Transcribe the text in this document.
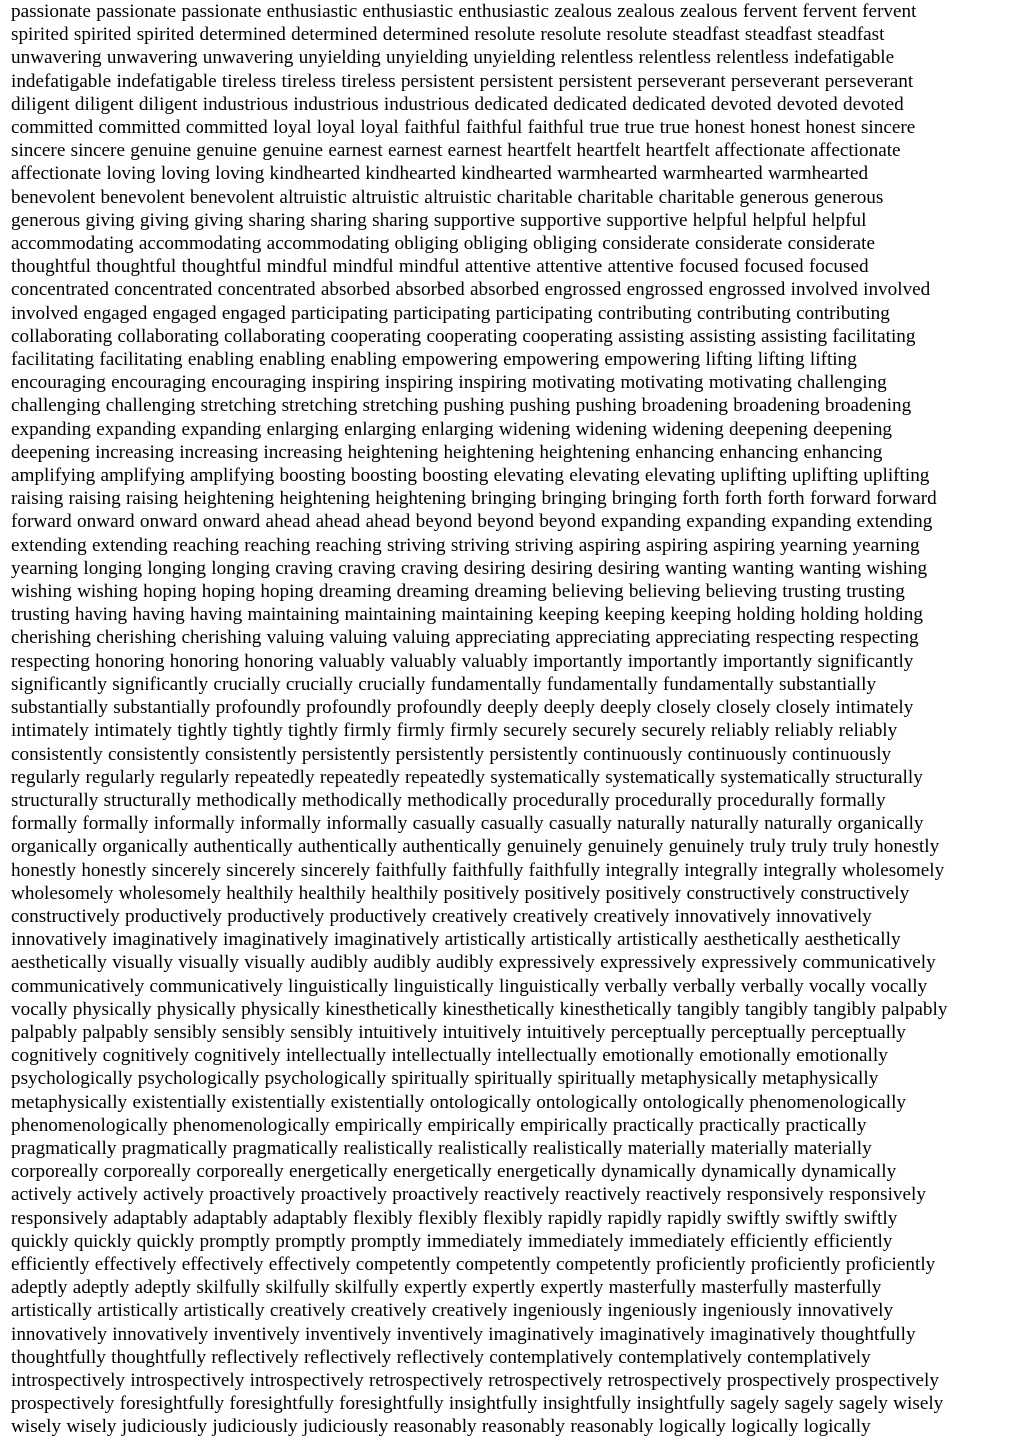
passionate passionate passionate enthusiastic enthusiastic enthusiastic zealous zealous zealous fervent fervent fervent
spirited spirited spirited determined determined determined resolute resolute resolute steadfast steadfast steadfast
unwavering unwavering unwavering unyielding unyielding unyielding relentless relentless relentless indefatigable
indefatigable indefatigable tireless tireless tireless persistent persistent persistent perseverant perseverant perseverant
diligent diligent diligent industrious industrious industrious dedicated dedicated dedicated devoted devoted devoted
committed committed committed loyal loyal loyal faithful faithful faithful true true true honest honest honest sincere
sincere sincere genuine genuine genuine earnest earnest earnest heartfelt heartfelt heartfelt affectionate affectionate
affectionate loving loving loving kindhearted kindhearted kindhearted warmhearted warmhearted warmhearted
benevolent benevolent benevolent altruistic altruistic altruistic charitable charitable charitable generous generous
generous giving giving giving sharing sharing sharing supportive supportive supportive helpful helpful helpful
accommodating accommodating accommodating obliging obliging obliging considerate considerate considerate
thoughtful thoughtful thoughtful mindful mindful mindful attentive attentive attentive focused focused focused
concentrated concentrated concentrated absorbed absorbed absorbed engrossed engrossed engrossed involved involved
involved engaged engaged engaged participating participating participating contributing contributing contributing
collaborating collaborating collaborating cooperating cooperating cooperating assisting assisting assisting facilitating
facilitating facilitating enabling enabling enabling empowering empowering empowering lifting lifting lifting
encouraging encouraging encouraging inspiring inspiring inspiring motivating motivating motivating challenging
challenging challenging stretching stretching stretching pushing pushing pushing broadening broadening broadening
expanding expanding expanding enlarging enlarging enlarging widening widening widening deepening deepening
deepening increasing increasing increasing heightening heightening heightening enhancing enhancing enhancing
amplifying amplifying amplifying boosting boosting boosting elevating elevating elevating uplifting uplifting uplifting
raising raising raising heightening heightening heightening bringing bringing bringing forth forth forth forward forward
forward onward onward onward ahead ahead ahead beyond beyond beyond expanding expanding expanding extending
extending extending reaching reaching reaching striving striving striving aspiring aspiring aspiring yearning yearning
yearning longing longing longing craving craving craving desiring desiring desiring wanting wanting wanting wishing
wishing wishing hoping hoping hoping dreaming dreaming dreaming believing believing believing trusting trusting
trusting having having having maintaining maintaining maintaining keeping keeping keeping holding holding holding
cherishing cherishing cherishing valuing valuing valuing appreciating appreciating appreciating respecting respecting
respecting honoring honoring honoring valuably valuably valuably importantly importantly importantly significantly
significantly significantly crucially crucially crucially fundamentally fundamentally fundamentally substantially
substantially substantially profoundly profoundly profoundly deeply deeply deeply closely closely closely intimately
intimately intimately tightly tightly tightly firmly firmly firmly securely securely securely reliably reliably reliably
consistently consistently consistently persistently persistently persistently continuously continuously continuously
regularly regularly regularly repeatedly repeatedly repeatedly systematically systematically systematically structurally
structurally structurally methodically methodically methodically procedurally procedurally procedurally formally
formally formally informally informally informally casually casually casually naturally naturally naturally organically
organically organically authentically authentically authentically genuinely genuinely genuinely truly truly truly honestly
honestly honestly sincerely sincerely sincerely faithfully faithfully faithfully integrally integrally integrally wholesomely
wholesomely wholesomely healthily healthily healthily positively positively positively constructively constructively
constructively productively productively productively creatively creatively creatively innovatively innovatively
innovatively imaginatively imaginatively imaginatively artistically artistically artistically aesthetically aesthetically
aesthetically visually visually visually audibly audibly audibly expressively expressively expressively communicatively
communicatively communicatively linguistically linguistically linguistically verbally verbally verbally vocally vocally
vocally physically physically physically kinesthetically kinesthetically kinesthetically tangibly tangibly tangibly palpably
palpably palpably sensibly sensibly sensibly intuitively intuitively intuitively perceptually perceptually perceptually
cognitively cognitively cognitively intellectually intellectually intellectually emotionally emotionally emotionally
psychologically psychologically psychologically spiritually spiritually spiritually metaphysically metaphysically
metaphysically existentially existentially existentially ontologically ontologically ontologically phenomenologically
phenomenologically phenomenologically empirically empirically empirically practically practically practically
pragmatically pragmatically pragmatically realistically realistically realistically materially materially materially
corporeally corporeally corporeally energetically energetically energetically dynamically dynamically dynamically
actively actively actively proactively proactively proactively reactively reactively reactively responsively responsively
responsively adaptably adaptably adaptably flexibly flexibly flexibly rapidly rapidly rapidly swiftly swiftly swiftly
quickly quickly quickly promptly promptly promptly immediately immediately immediately efficiently efficiently
efficiently effectively effectively effectively competently competently competently proficiently proficiently proficiently
adeptly adeptly adeptly skilfully skilfully skilfully expertly expertly expertly masterfully masterfully masterfully
artistically artistically artistically creatively creatively creatively ingeniously ingeniously ingeniously innovatively
innovatively innovatively inventively inventively inventively imaginatively imaginatively imaginatively thoughtfully
thoughtfully thoughtfully reflectively reflectively reflectively contemplatively contemplatively contemplatively
introspectively introspectively introspectively retrospectively retrospectively retrospectively prospectively prospectively
prospectively foresightfully foresightfully foresightfully insightfully insightfully insightfully sagely sagely sagely wisely
wisely wisely judiciously judiciously judiciously reasonably reasonably reasonably logically logically logically
